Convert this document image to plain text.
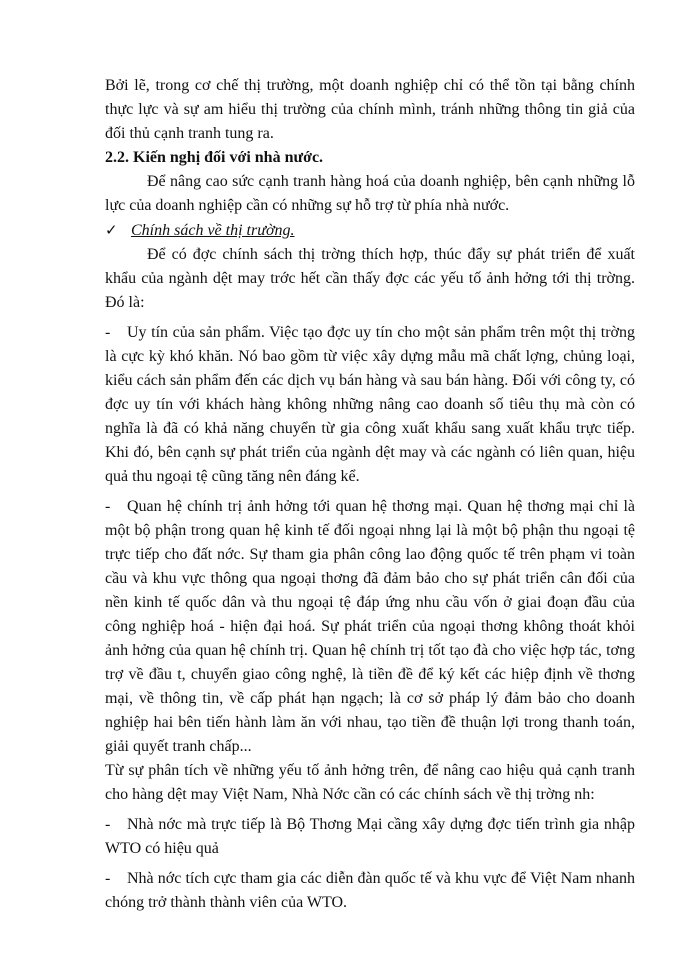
Bởi lẽ, trong cơ chế thị trường, một doanh nghiệp chỉ có thể tồn tại bằng chính thực lực và sự am hiểu thị trường của chính mình, tránh những thông tin giả của đối thủ cạnh tranh tung ra.

2.2. Kiến nghị đối với nhà nước.

Để nâng cao sức cạnh tranh hàng hoá của doanh nghiệp, bên cạnh những lỗ lực của doanh nghiệp cần có những sự hỗ trợ từ phía nhà nước.

✓ Chính sách về thị trường.

Để có đợc chính sách thị trờng thích hợp, thúc đẩy sự phát triển để xuất khẩu của ngành dệt may trớc hết cần thấy đợc các yếu tố ảnh hởng tới thị trờng. Đó là:

- Uy tín của sản phẩm. Việc tạo đợc uy tín cho một sản phẩm trên một thị trờng là cực kỳ khó khăn. Nó bao gồm từ việc xây dựng mẫu mã chất lợng, chủng loại, kiểu cách sản phẩm đến các dịch vụ bán hàng và sau bán hàng. Đối với công ty, có đợc uy tín với khách hàng không những nâng cao doanh số tiêu thụ mà còn có nghĩa là đã có khả năng chuyển từ gia công xuất khẩu sang xuất khẩu trực tiếp. Khi đó, bên cạnh sự phát triển của ngành dệt may và các ngành có liên quan, hiệu quả thu ngoại tệ cũng tăng nên đáng kể.

- Quan hệ chính trị ảnh hởng tới quan hệ thơng mại. Quan hệ thơng mại chỉ là một bộ phận trong quan hệ kinh tế đối ngoại nhng lại là một bộ phận thu ngoại tệ trực tiếp cho đất nớc. Sự tham gia phân công lao động quốc tế trên phạm vi toàn cầu và khu vực thông qua ngoại thơng đã đảm bảo cho sự phát triển cân đối của nền kinh tế quốc dân và thu ngoại tệ đáp ứng nhu cầu vốn ở giai đoạn đầu của công nghiệp hoá - hiện đại hoá. Sự phát triển của ngoại thơng không thoát khỏi ảnh hởng của quan hệ chính trị. Quan hệ chính trị tốt tạo đà cho việc hợp tác, tơng trợ về đầu t, chuyển giao công nghệ, là tiền đề để ký kết các hiệp định về thơng mại, về thông tin, về cấp phát hạn ngạch; là cơ sở pháp lý đảm bảo cho doanh nghiệp hai bên tiến hành làm ăn với nhau, tạo tiền đề thuận lợi trong thanh toán, giải quyết tranh chấp...

Từ sự phân tích về những yếu tố ảnh hởng trên, để nâng cao hiệu quả cạnh tranh cho hàng dệt may Việt Nam, Nhà Nớc cần có các chính sách về thị trờng nh:

- Nhà nớc mà trực tiếp là Bộ Thơng Mại cầng xây dựng đợc tiến trình gia nhập WTO có hiệu quả

- Nhà nớc tích cực tham gia các diễn đàn quốc tế và khu vực để Việt Nam nhanh chóng trở thành thành viên của WTO.
